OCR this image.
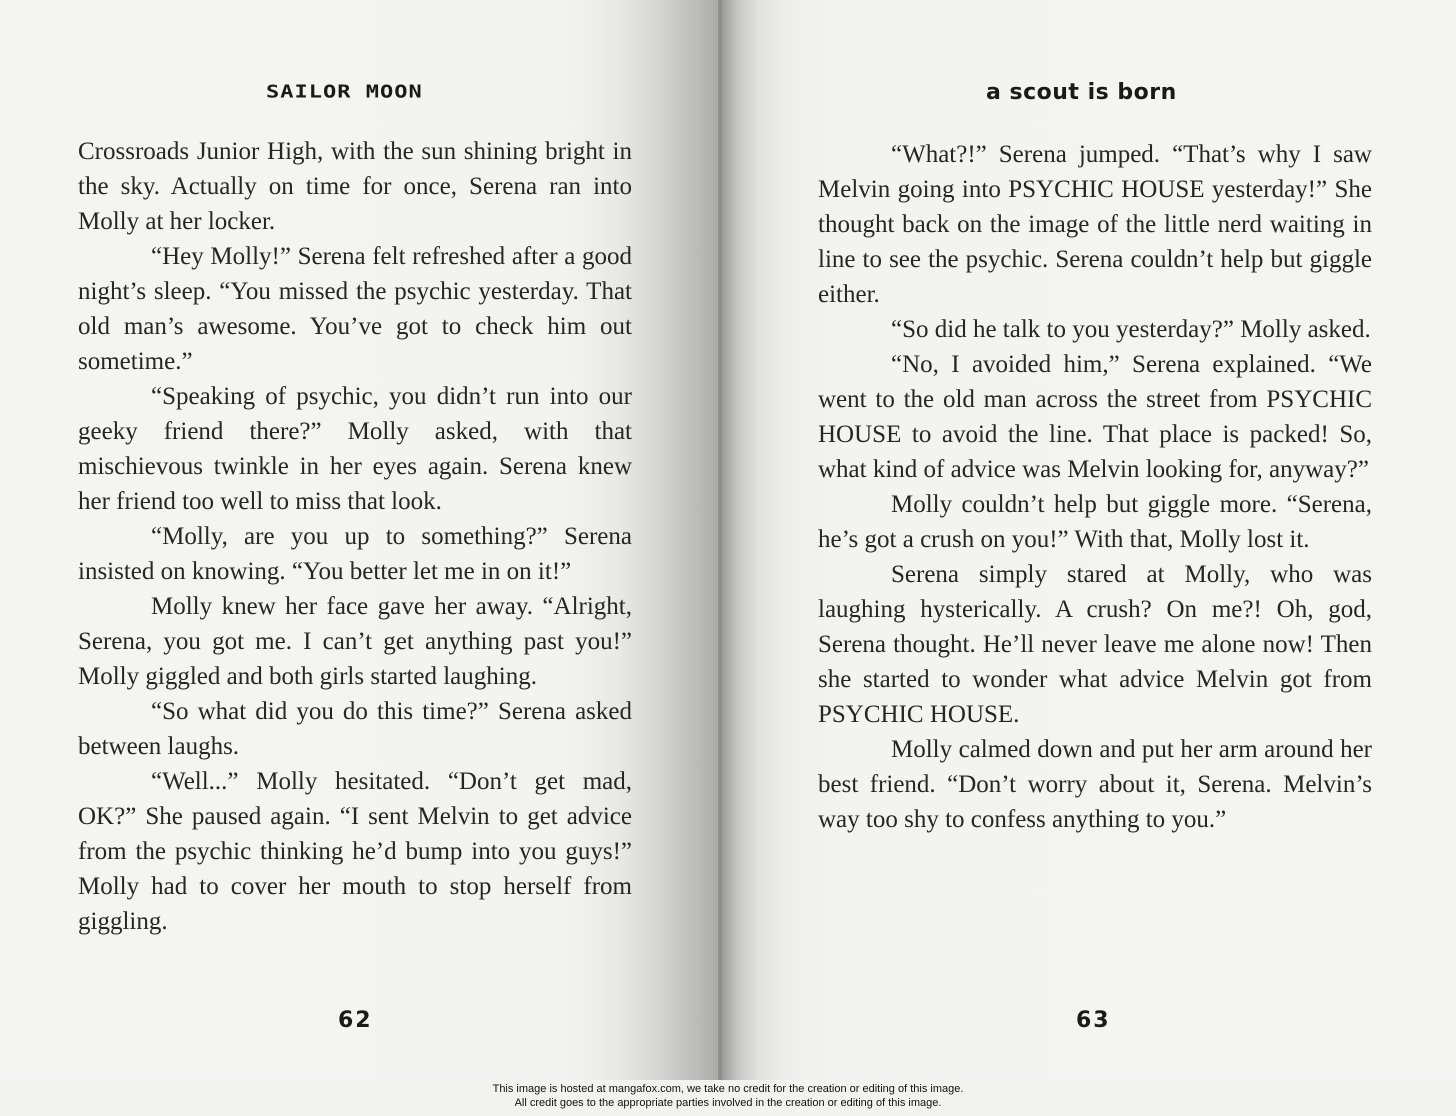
SAILOR MOON

Crossroads Junior High, with the sun shining bright in the sky. Actually on time for once, Serena ran into Molly at her locker.

“Hey Molly!” Serena felt refreshed after a good night’s sleep. “You missed the psychic yesterday. That old man’s awesome. You’ve got to check him out sometime.”

“Speaking of psychic, you didn’t run into our geeky friend there?” Molly asked, with that mischievous twinkle in her eyes again. Serena knew her friend too well to miss that look.

“Molly, are you up to something?” Serena insisted on knowing. “You better let me in on it!”

Molly knew her face gave her away. “Alright, Serena, you got me. I can’t get anything past you!” Molly giggled and both girls started laughing.

“So what did you do this time?” Serena asked between laughs.

“Well...” Molly hesitated. “Don’t get mad, OK?” She paused again. “I sent Melvin to get advice from the psychic thinking he’d bump into you guys!” Molly had to cover her mouth to stop herself from giggling.

62
a scout is born

“What?!” Serena jumped. “That’s why I saw Melvin going into PSYCHIC HOUSE yesterday!” She thought back on the image of the little nerd waiting in line to see the psychic. Serena couldn’t help but giggle either.

“So did he talk to you yesterday?” Molly asked.

“No, I avoided him,” Serena explained. “We went to the old man across the street from PSYCHIC HOUSE to avoid the line. That place is packed! So, what kind of advice was Melvin looking for, anyway?”

Molly couldn’t help but giggle more. “Serena, he’s got a crush on you!” With that, Molly lost it.

Serena simply stared at Molly, who was laughing hysterically. A crush? On me?! Oh, god, Serena thought. He’ll never leave me alone now! Then she started to wonder what advice Melvin got from PSYCHIC HOUSE.

Molly calmed down and put her arm around her best friend. “Don’t worry about it, Serena. Melvin’s way too shy to confess anything to you.”

63
This image is hosted at mangafox.com, we take no credit for the creation or editing of this image.
All credit goes to the appropriate parties involved in the creation or editing of this image.
